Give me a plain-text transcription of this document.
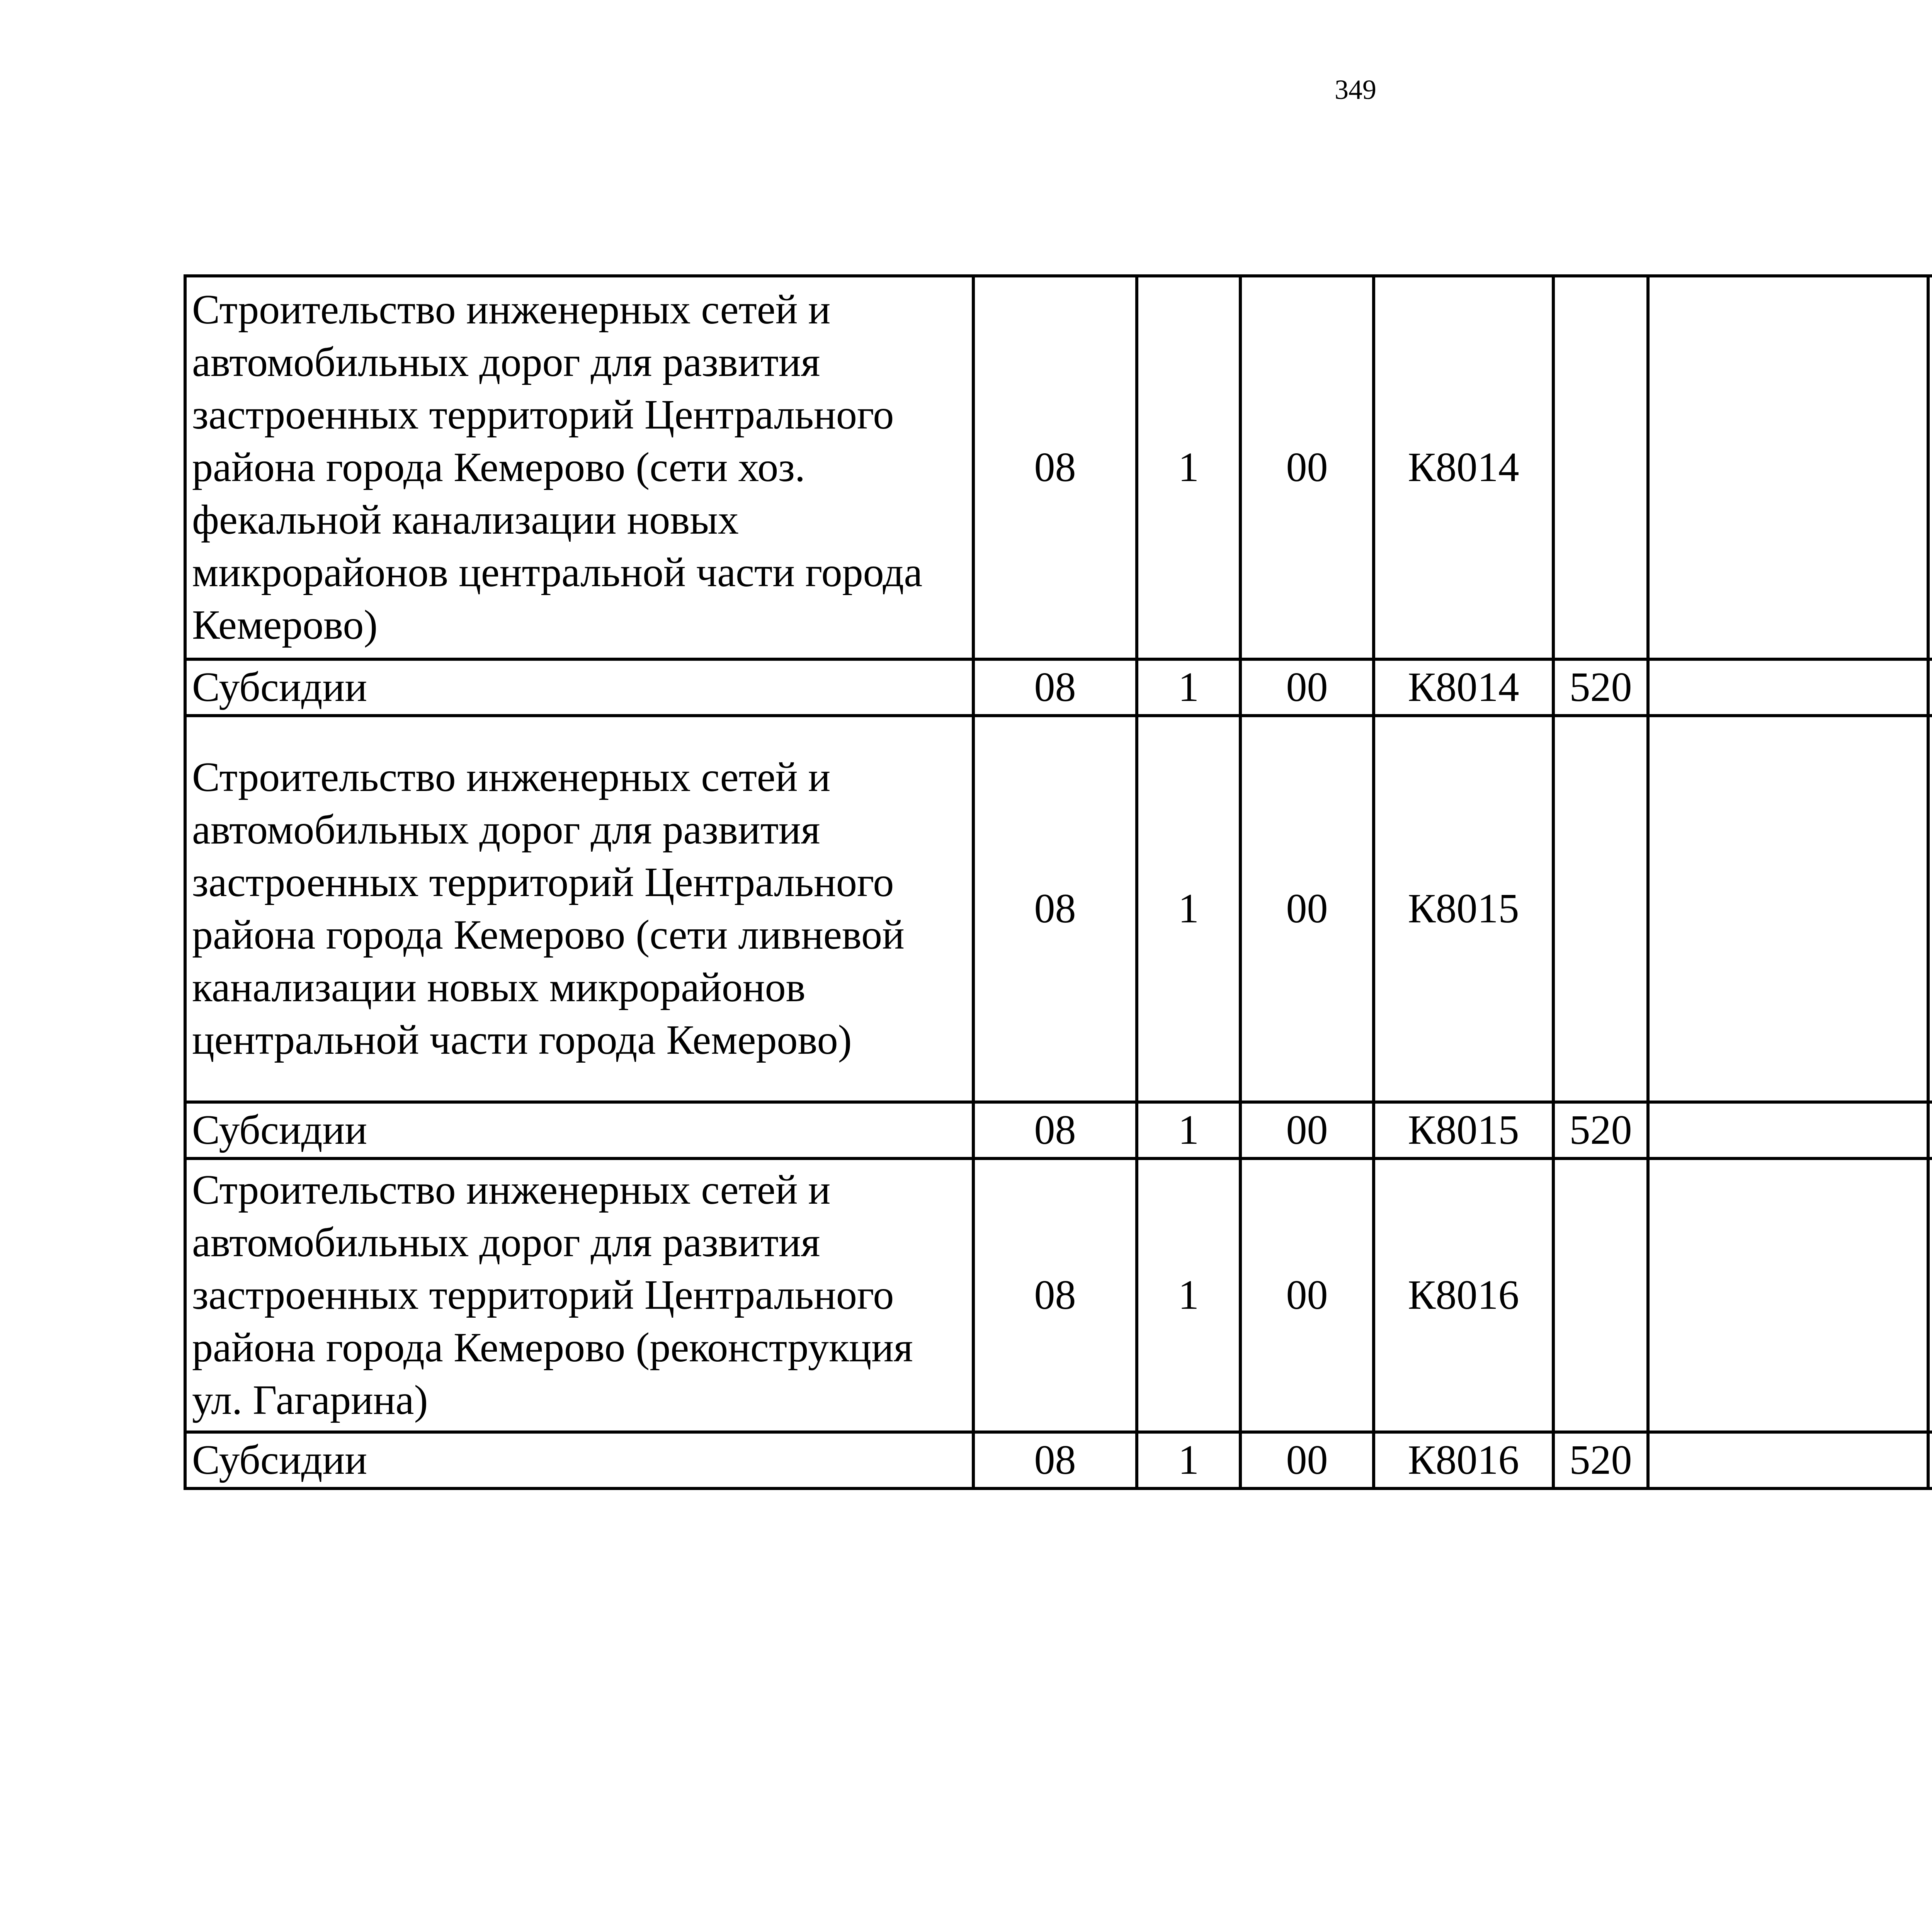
349
Строительство инженерных сетей и автомобильных дорог для развития застроенных территорий Центрального района города Кемерово (сети хоз. фекальной канализации новых микрорайонов центральной части города Кемерово)	08	1	00	К8014				
Субсидии	08	1	00	К8014	520			
Строительство инженерных сетей и автомобильных дорог для развития застроенных территорий Центрального района города Кемерово (сети ливневой канализации новых микрорайонов центральной части города Кемерово)	08	1	00	К8015				
Субсидии	08	1	00	К8015	520			
Строительство инженерных сетей и автомобильных дорог для развития застроенных территорий Центрального района города Кемерово (реконструкция ул. Гагарина)	08	1	00	К8016				
Субсидии	08	1	00	К8016	520			
